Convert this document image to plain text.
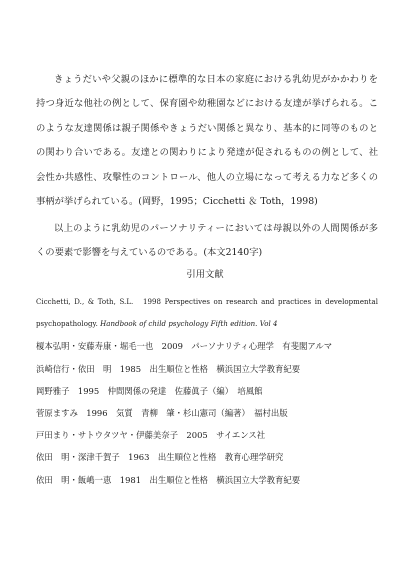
きょうだいや父親のほかに標準的な日本の家庭における乳幼児がかかわりを持つ身近な他社の例として、保育園や幼稚園などにおける友達が挙げられる。このような友達関係は親子関係やきょうだい関係と異なり、基本的に同等のものとの関わり合いである。友達との関わりにより発達が促されるものの例として、社会性か共感性、攻撃性のコントロール、他人の立場になって考える力など多くの事柄が挙げられている。(岡野，1995；Cicchetti ＆ Toth，1998)

以上のように乳幼児のパーソナリティーにおいては母親以外の人間関係が多くの要素で影響を与えているのである。(本文2140字)

引用文献

Cicchetti, D., & Toth, S.L.　1998 Perspectives on research and practices in developmental psychopathology. Handbook of child psychology Fifth edition. Vol 4
榎本弘明・安藤寿康・堀毛一也　2009　パーソナリティ心理学　有斐閣アルマ
浜崎信行・依田　明　1985　出生順位と性格　横浜国立大学教育紀要
岡野雅子　1995　仲間関係の発達　佐藤眞子（編）　培風館
菅原ますみ　1996　気質　青柳　肇・杉山憲司（編著）　福村出版
戸田まり・サトウタツヤ・伊藤美奈子　2005　サイエンス社
依田　明・深津千賀子　1963　出生順位と性格　教育心理学研究
依田　明・飯嶋一恵　1981　出生順位と性格　横浜国立大学教育紀要
